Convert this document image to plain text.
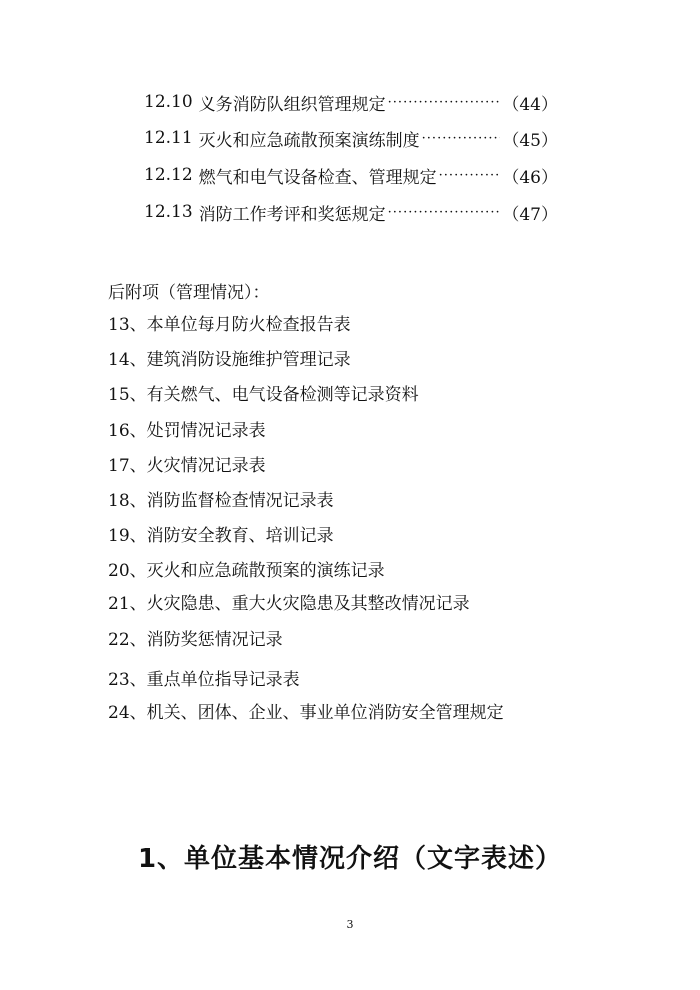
12.10 义务消防队组织管理规定 ·····	（44）
12.11 灭火和应急疏散预案演练制度 ·····	（45）
12.12 燃气和电气设备检查、管理规定 ·····	（46）
12.13 消防工作考评和奖惩规定 ·····	（47）
后附项（管理情况）：
13、本单位每月防火检查报告表
14、建筑消防设施维护管理记录
15、有关燃气、电气设备检测等记录资料
16、处罚情况记录表
17、火灾情况记录表
18、消防监督检查情况记录表
19、消防安全教育、培训记录
20、灭火和应急疏散预案的演练记录
21、火灾隐患、重大火灾隐患及其整改情况记录
22、消防奖惩情况记录
23、重点单位指导记录表
24、机关、团体、企业、事业单位消防安全管理规定
1、单位基本情况介绍（文字表述）
3
